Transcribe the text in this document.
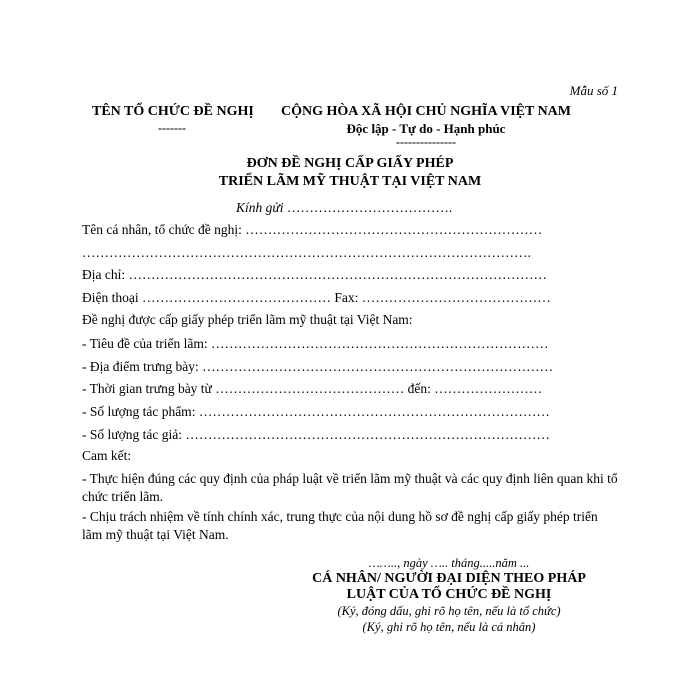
Mẫu số 1
TÊN TỔ CHỨC ĐỀ NGHỊ
-------
CỘNG HÒA XÃ HỘI CHỦ NGHĨA VIỆT NAM
Độc lập - Tự do - Hạnh phúc
---------------
ĐƠN ĐỀ NGHỊ CẤP GIẤY PHÉP
TRIỂN LÃM MỸ THUẬT TẠI VIỆT NAM
Kính gửi ……………………………….
Tên cá nhân, tổ chức đề nghị: …………………………………………………………
……………………………………………………………………………………….
Địa chỉ: …………………………………………………………………………………
Điện thoại …………………………………… Fax: ……………………………………
Đề nghị được cấp giấy phép triển lãm mỹ thuật tại Việt Nam:
- Tiêu đề của triển lãm: …………………………………………………………………
- Địa điểm trưng bày: ……………………………………………………………………
- Thời gian trưng bày từ …………………………………… đến: ……………………
- Số lượng tác phẩm: ……………………………………………………………………
- Số lượng tác giả: ………………………………………………………………………
Cam kết:
- Thực hiện đúng các quy định của pháp luật về triển lãm mỹ thuật và các quy định liên quan khi tổ chức triển lãm.
- Chịu trách nhiệm về tính chính xác, trung thực của nội dung hồ sơ đề nghị cấp giấy phép triển lãm mỹ thuật tại Việt Nam.
…….., ngày ….. tháng.....năm ...
CÁ NHÂN/ NGƯỜI ĐẠI DIỆN THEO PHÁP
LUẬT CỦA TỔ CHỨC ĐỀ NGHỊ
(Ký, đóng dấu, ghi rõ họ tên, nếu là tổ chức)
(Ký, ghi rõ họ tên, nếu là cá nhân)
